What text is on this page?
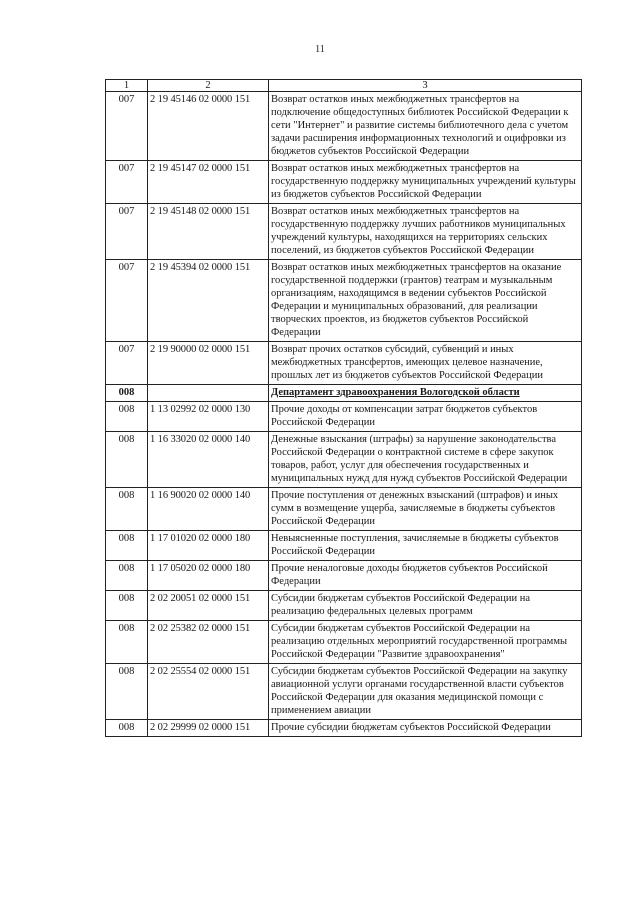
11
1	2	3
007	2 19 45146 02 0000 151	Возврат остатков иных межбюджетных трансфертов на подключение общедоступных библиотек Российской Федерации к сети "Интернет" и развитие системы библиотечного дела с учетом задачи расширения информационных технологий и оцифровки из бюджетов субъектов Российской Федерации
007	2 19 45147 02 0000 151	Возврат остатков иных межбюджетных трансфертов на государственную поддержку муниципальных учреждений культуры из бюджетов субъектов Российской Федерации
007	2 19 45148 02 0000 151	Возврат остатков иных межбюджетных трансфертов на государственную поддержку лучших работников муниципальных учреждений культуры, находящихся на территориях сельских поселений, из бюджетов субъектов Российской Федерации
007	2 19 45394 02 0000 151	Возврат остатков иных межбюджетных трансфертов на оказание государственной поддержки (грантов) театрам и музыкальным организациям, находящимся в ведении субъектов Российской Федерации и муниципальных образований, для реализации творческих проектов, из бюджетов субъектов Российской Федерации
007	2 19 90000 02 0000 151	Возврат прочих остатков субсидий, субвенций и иных межбюджетных трансфертов, имеющих целевое назначение, прошлых лет из бюджетов субъектов Российской Федерации
008		Департамент здравоохранения Вологодской области
008	1 13 02992 02 0000 130	Прочие доходы от компенсации затрат бюджетов субъектов Российской Федерации
008	1 16 33020 02 0000 140	Денежные взыскания (штрафы) за нарушение законодательства Российской Федерации о контрактной системе в сфере закупок товаров, работ, услуг для обеспечения государственных и муниципальных нужд для нужд субъектов Российской Федерации
008	1 16 90020 02 0000 140	Прочие поступления от денежных взысканий (штрафов) и иных сумм в возмещение ущерба, зачисляемые в бюджеты субъектов Российской Федерации
008	1 17 01020 02 0000 180	Невыясненные поступления, зачисляемые в бюджеты субъектов Российской Федерации
008	1 17 05020 02 0000 180	Прочие неналоговые доходы бюджетов субъектов Российской Федерации
008	2 02 20051 02 0000 151	Субсидии бюджетам субъектов Российской Федерации на реализацию федеральных целевых программ
008	2 02 25382 02 0000 151	Субсидии бюджетам субъектов Российской Федерации на реализацию отдельных мероприятий государственной программы Российской Федерации "Развитие здравоохранения"
008	2 02 25554 02 0000 151	Субсидии бюджетам субъектов Российской Федерации на закупку авиационной услуги органами государственной власти субъектов Российской Федерации для оказания медицинской помощи с применением авиации
008	2 02 29999 02 0000 151	Прочие субсидии бюджетам субъектов Российской Федерации
